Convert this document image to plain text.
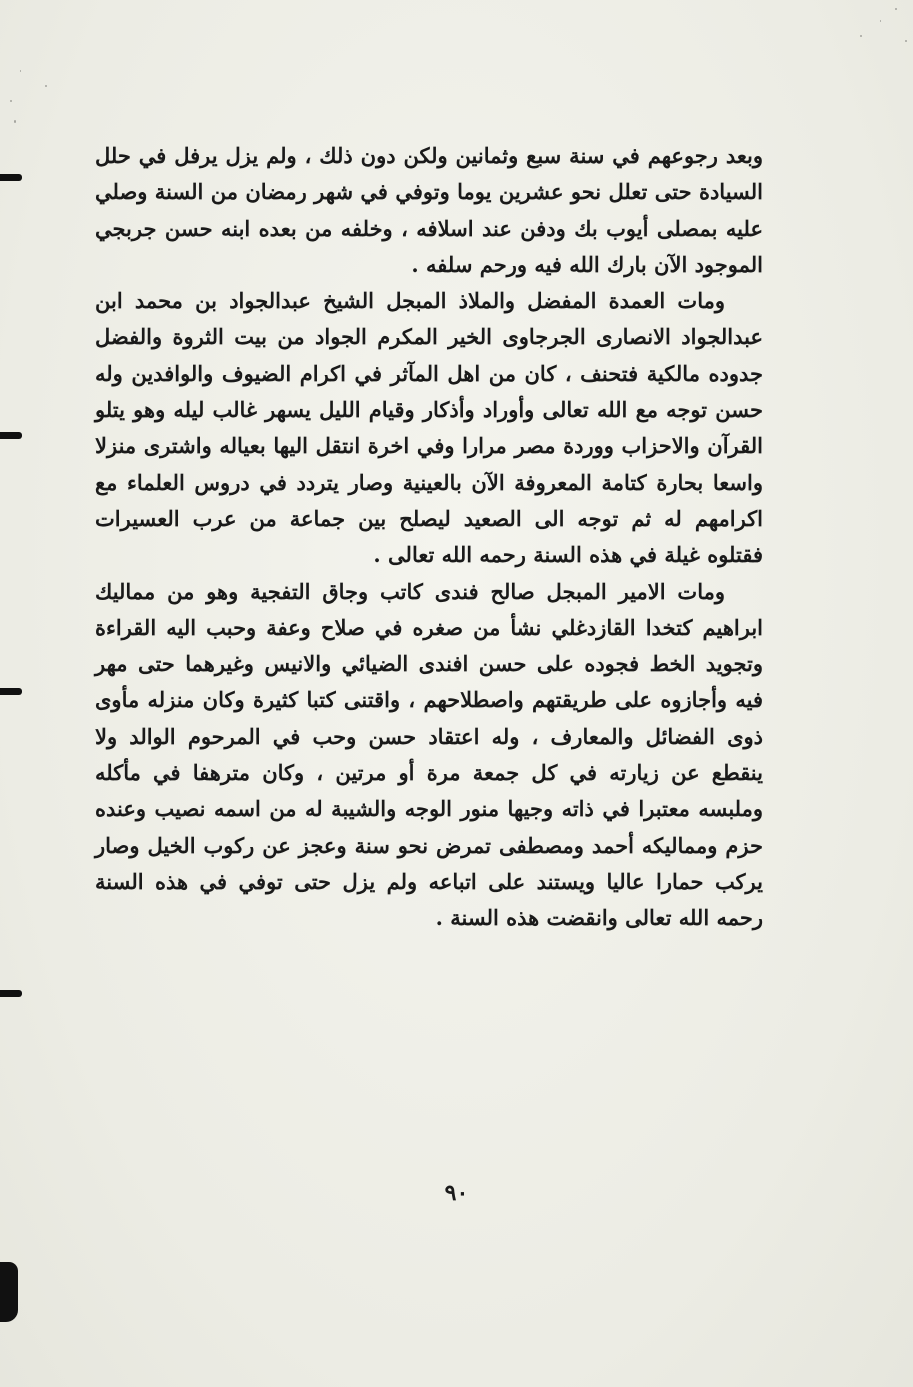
وبعد رجوعهم في سنة سبع وثمانين ولكن دون ذلك ، ولم يزل يرفل في حلل السيادة حتى تعلل نحو عشرين يوما وتوفي في شهر رمضان من السنة وصلي عليه بمصلى أيوب بك ودفن عند اسلافه ، وخلفه من بعده ابنه حسن جربجي الموجود الآن بارك الله فيه ورحم سلفه .

ومات العمدة المفضل والملاذ المبجل الشيخ عبدالجواد بن محمد ابن عبدالجواد الانصارى الجرجاوى الخير المكرم الجواد من بيت الثروة والفضل جدوده مالكية فتحنف ، كان من اهل المآثر في اكرام الضيوف والوافدين وله حسن توجه مع الله تعالى وأوراد وأذكار وقيام الليل يسهر غالب ليله وهو يتلو القرآن والاحزاب ووردة مصر مرارا وفي اخرة انتقل اليها بعياله واشترى منزلا واسعا بحارة كتامة المعروفة الآن بالعينية وصار يتردد في دروس العلماء مع اكرامهم له ثم توجه الى الصعيد ليصلح بين جماعة من عرب العسيرات فقتلوه غيلة في هذه السنة رحمه الله تعالى .

ومات الامير المبجل صالح فندى كاتب وجاق التفجية وهو من مماليك ابراهيم كتخدا القازدغلي نشأ من صغره في صلاح وعفة وحبب اليه القراءة وتجويد الخط فجوده على حسن افندى الضيائي والانيس وغيرهما حتى مهر فيه وأجازوه على طريقتهم واصطلاحهم ، واقتنى كتبا كثيرة وكان منزله مأوى ذوى الفضائل والمعارف ، وله اعتقاد حسن وحب في المرحوم الوالد ولا ينقطع عن زيارته في كل جمعة مرة أو مرتين ، وكان مترهفا في مأكله وملبسه معتبرا في ذاته وجيها منور الوجه والشيبة له من اسمه نصيب وعنده حزم ومماليكه أحمد ومصطفى تمرض نحو سنة وعجز عن ركوب الخيل وصار يركب حمارا عاليا ويستند على اتباعه ولم يزل حتى توفي في هذه السنة رحمه الله تعالى وانقضت هذه السنة .

٩٠
